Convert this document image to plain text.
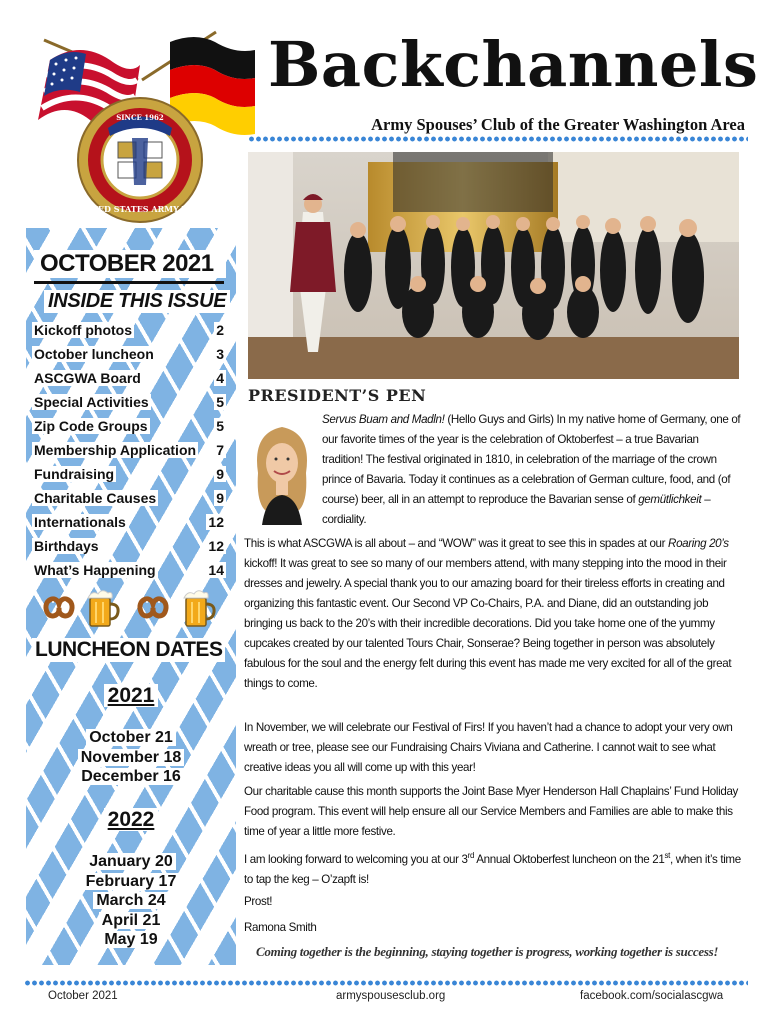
SINCE 1962
UNITED STATES ARMY WIFE
Backchannels
Army Spouses’ Club of the Greater Washington Area
OCTOBER 2021
INSIDE THIS ISSUE
Kickoff photos	2
October luncheon	3
ASCGWA Board	4
Special Activities	5
Zip Code Groups	5
Membership Application 7
Fundraising	9
Charitable Causes	9
Internationals	12
Birthdays	12
What’s Happening	14
LUNCHEON DATES
2021
October 21
November 18
December 16
2022
January 20
February 17
March 24
April 21
May 19
PRESIDENT’S PEN
Servus Buam and Madln! (Hello Guys and Girls) In my native home of Germany, one of our favorite times of the year is the celebration of Oktoberfest – a true Bavarian tradition! The festival originated in 1810, in celebration of the marriage of the crown prince of Bavaria. Today it continues as a celebration of German culture, food, and (of course) beer, all in an attempt to reproduce the Bavarian sense of gemütlichkeit – cordiality.
This is what ASCGWA is all about – and “WOW” was it great to see this in spades at our Roaring 20’s kickoff! It was great to see so many of our members attend, with many stepping into the mood in their dresses and jewelry. A special thank you to our amazing board for their tireless efforts in creating and organizing this fantastic event. Our Second VP Co-Chairs, P.A. and Diane, did an outstanding job bringing us back to the 20’s with their incredible decorations. Did you take home one of the yummy cupcakes created by our talented Tours Chair, Sonserae? Being together in person was absolutely fabulous for the soul and the energy felt during this event has made me very excited for all of the great things to come.
In November, we will celebrate our Festival of Firs! If you haven’t had a chance to adopt your very own wreath or tree, please see our Fundraising Chairs Viviana and Catherine. I cannot wait to see what creative ideas you all will come up with this year!
Our charitable cause this month supports the Joint Base Myer Henderson Hall Chaplains’ Fund Holiday Food program. This event will help ensure all our Service Members and Families are able to make this time of year a little more festive.
I am looking forward to welcoming you at our 3rd Annual Oktoberfest luncheon on the 21st, when it’s time to tap the keg – O’zapft is!
Prost!
Ramona Smith
Coming together is the beginning, staying together is progress, working together is success!
October 2021	armyspousesclub.org	facebook.com/socialascgwa
